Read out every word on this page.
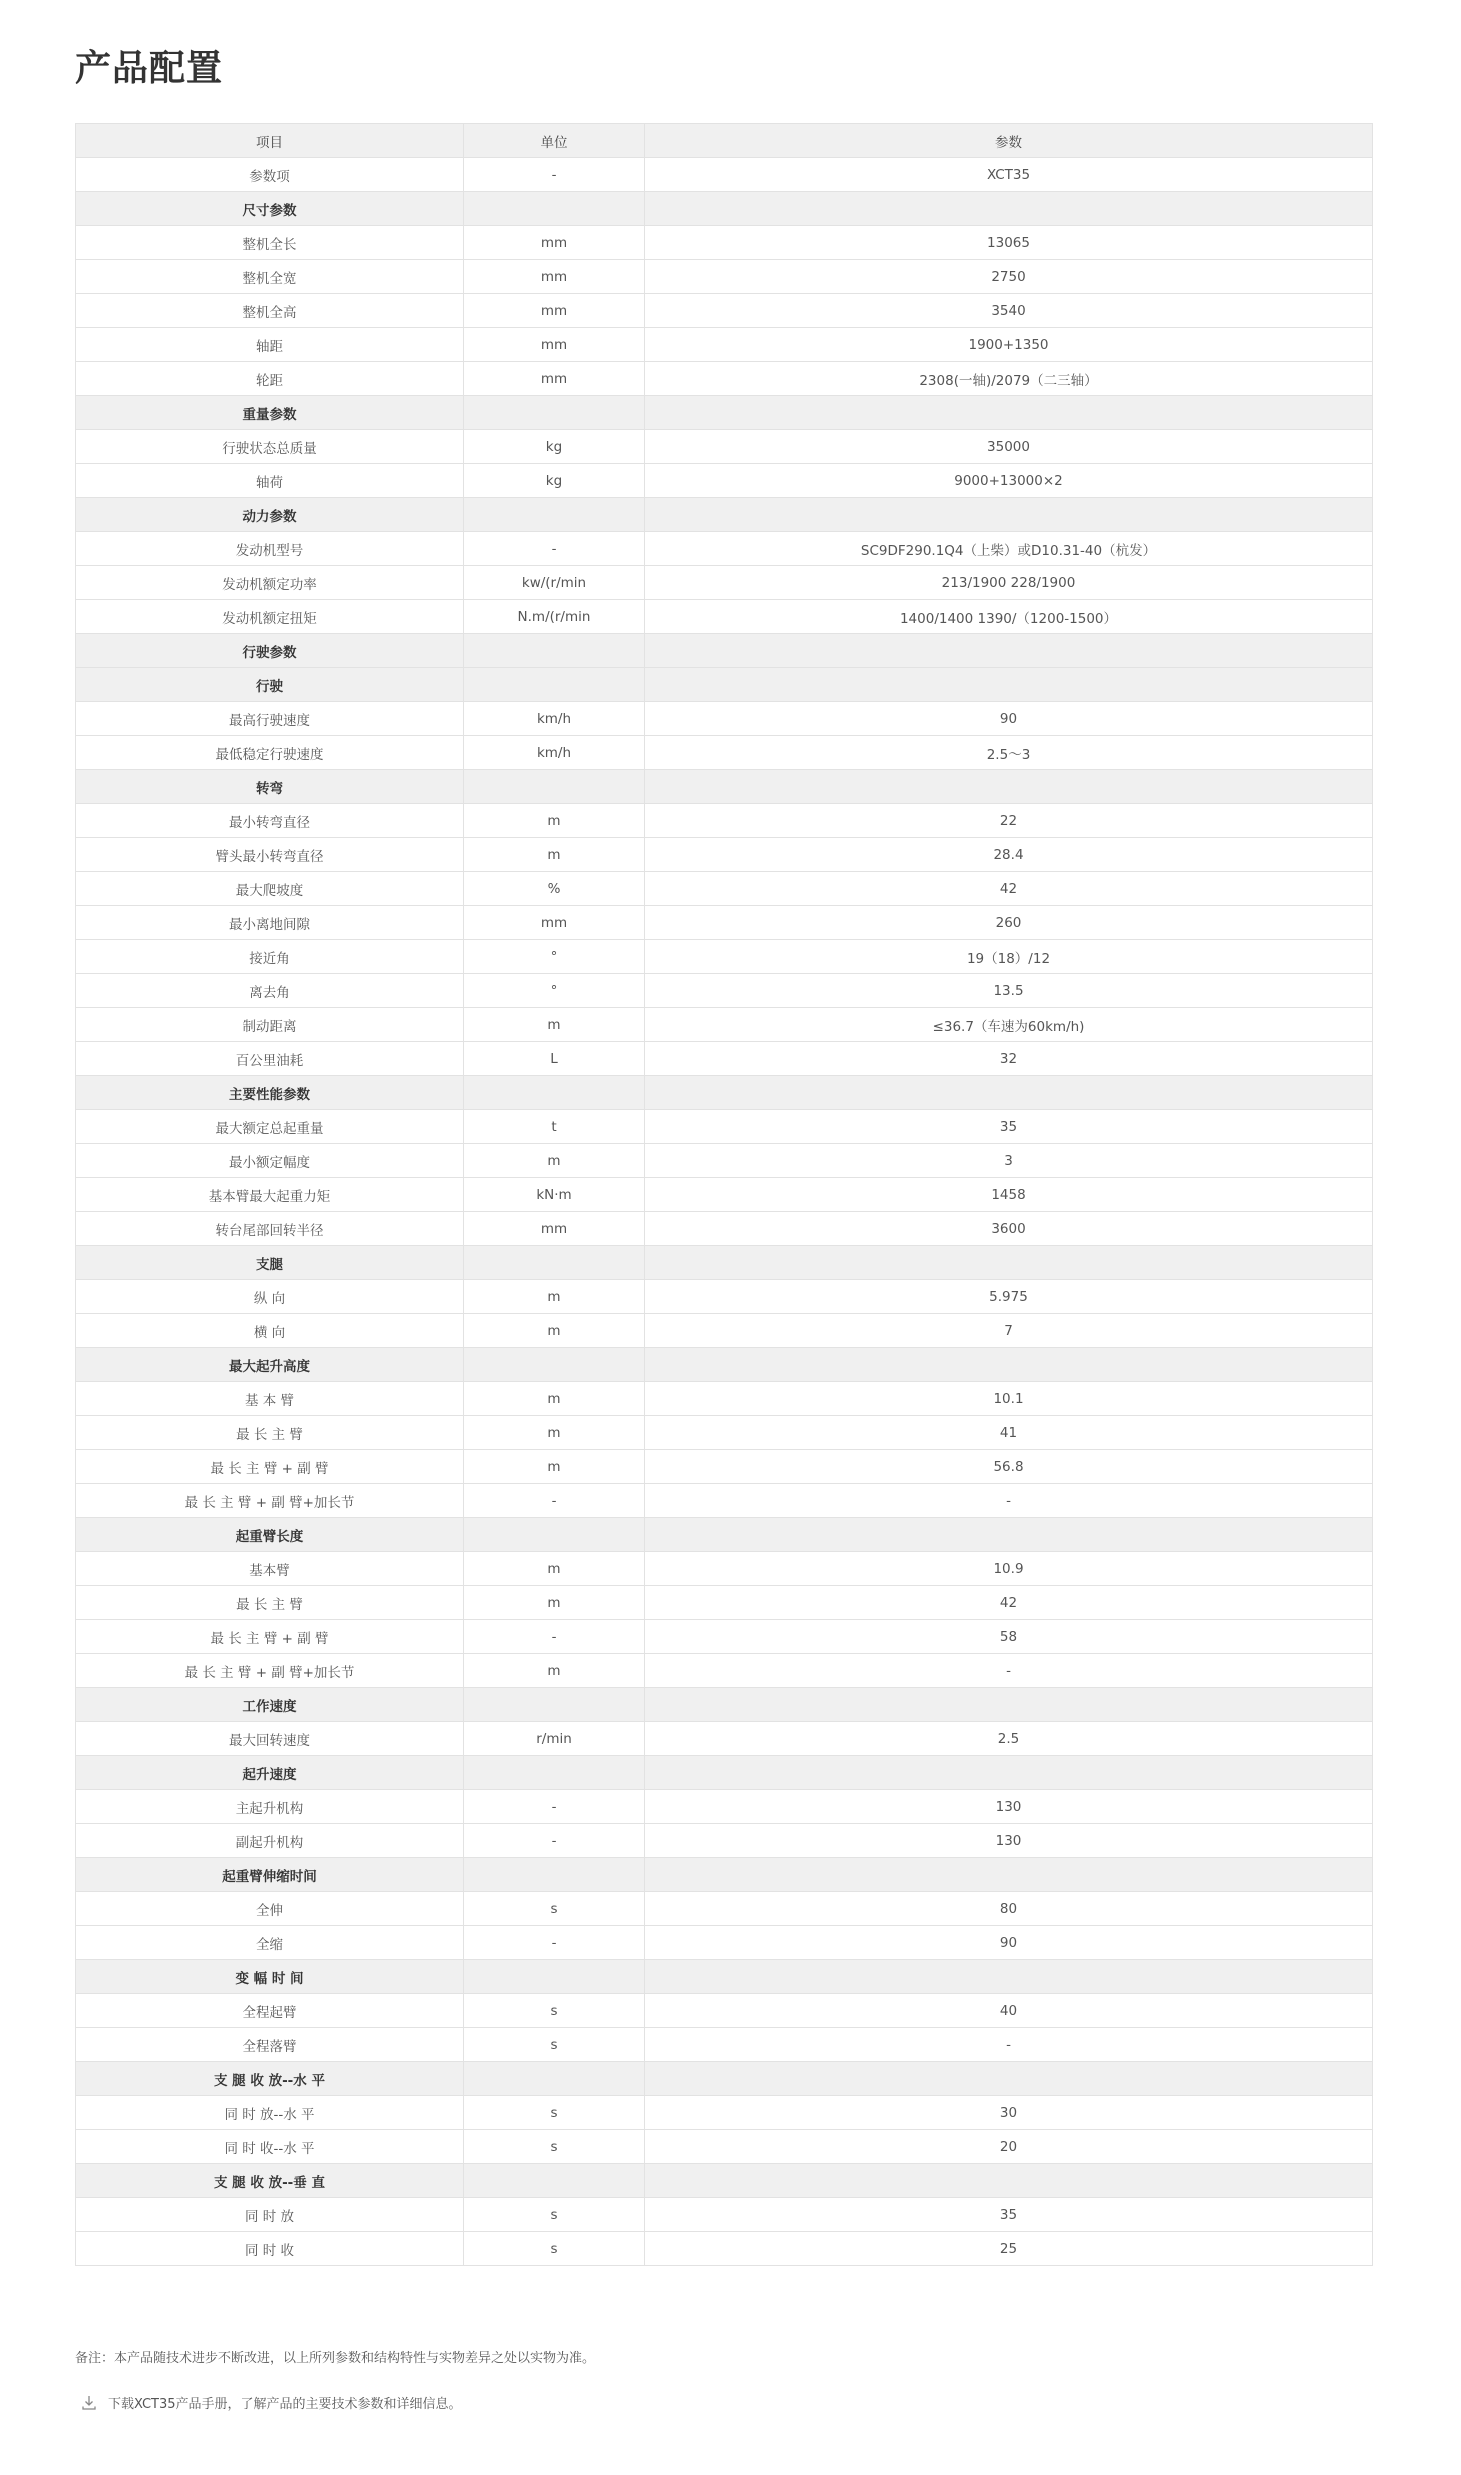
产品配置
项目	单位	参数
参数项	-	XCT35
尺寸参数		
整机全长	mm	13065
整机全宽	mm	2750
整机全高	mm	3540
轴距	mm	1900+1350
轮距	mm	2308(一轴)/2079（二三轴）
重量参数		
行驶状态总质量	kg	35000
轴荷	kg	9000+13000×2
动力参数		
发动机型号	-	SC9DF290.1Q4（上柴）或D10.31-40（杭发）
发动机额定功率	kw/(r/min	213/1900 228/1900
发动机额定扭矩	N.m/(r/min	1400/1400 1390/（1200-1500）
行驶参数		
行驶		
最高行驶速度	km/h	90
最低稳定行驶速度	km/h	2.5～3
转弯		
最小转弯直径	m	22
臂头最小转弯直径	m	28.4
最大爬坡度	%	42
最小离地间隙	mm	260
接近角	°	19（18）/12
离去角	°	13.5
制动距离	m	≤36.7（车速为60km/h)
百公里油耗	L	32
主要性能参数		
最大额定总起重量	t	35
最小额定幅度	m	3
基本臂最大起重力矩	kN·m	1458
转台尾部回转半径	mm	3600
支腿		
纵 向	m	5.975
横 向	m	7
最大起升高度		
基 本 臂	m	10.1
最 长 主 臂	m	41
最 长 主 臂 + 副 臂	m	56.8
最 长 主 臂 + 副 臂+加长节	-	-
起重臂长度		
基本臂	m	10.9
最 长 主 臂	m	42
最 长 主 臂 + 副 臂	-	58
最 长 主 臂 + 副 臂+加长节	m	-
工作速度		
最大回转速度	r/min	2.5
起升速度		
主起升机构	-	130
副起升机构	-	130
起重臂伸缩时间		
全伸	s	80
全缩	-	90
变 幅 时 间		
全程起臂	s	40
全程落臂	s	-
支 腿 收 放--水 平		
同 时 放--水 平	s	30
同 时 收--水 平	s	20
支 腿 收 放--垂 直		
同 时 放	s	35
同 时 收	s	25

备注：本产品随技术进步不断改进，以上所列参数和结构特性与实物差异之处以实物为准。

下载XCT35产品手册，了解产品的主要技术参数和详细信息。
